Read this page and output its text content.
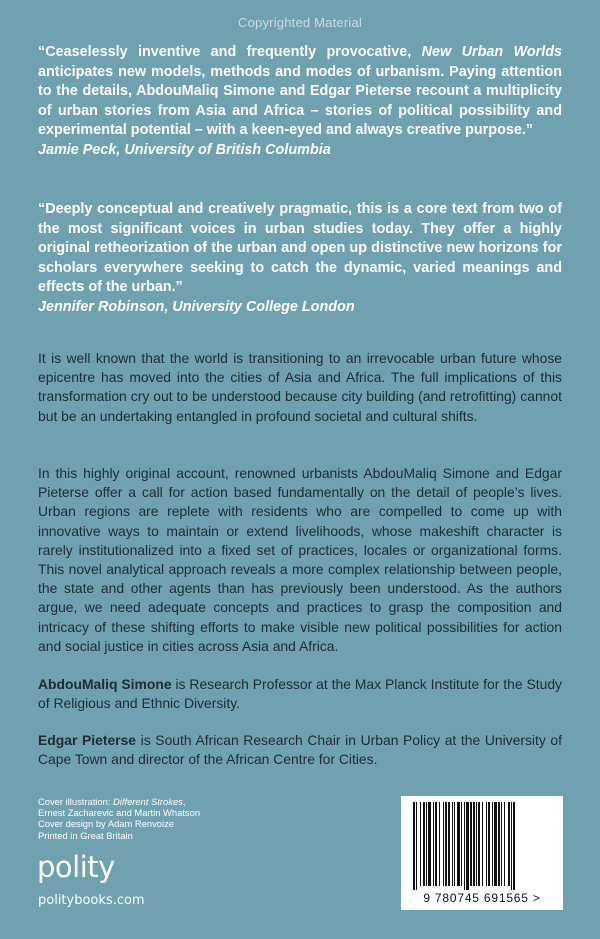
Copyrighted Material
“Ceaselessly inventive and frequently provocative, New Urban Worlds anticipates new models, methods and modes of urbanism. Paying attention to the details, AbdouMaliq Simone and Edgar Pieterse recount a multiplicity of urban stories from Asia and Africa – stories of political possibility and experimental potential – with a keen-eyed and always creative purpose.”
Jamie Peck, University of British Columbia
“Deeply conceptual and creatively pragmatic, this is a core text from two of the most significant voices in urban studies today. They offer a highly original retheorization of the urban and open up distinctive new horizons for scholars everywhere seeking to catch the dynamic, varied meanings and effects of the urban.”
Jennifer Robinson, University College London
It is well known that the world is transitioning to an irrevocable urban future whose epicentre has moved into the cities of Asia and Africa. The full implications of this transformation cry out to be understood because city building (and retrofitting) cannot but be an undertaking entangled in profound societal and cultural shifts.
In this highly original account, renowned urbanists AbdouMaliq Simone and Edgar Pieterse offer a call for action based fundamentally on the detail of people’s lives. Urban regions are replete with residents who are compelled to come up with innovative ways to maintain or extend livelihoods, whose makeshift character is rarely institutionalized into a fixed set of practices, locales or organizational forms. This novel analytical approach reveals a more complex relationship between people, the state and other agents than has previously been understood. As the authors argue, we need adequate concepts and practices to grasp the composition and intricacy of these shifting efforts to make visible new political possibilities for action and social justice in cities across Asia and Africa.
AbdouMaliq Simone is Research Professor at the Max Planck Institute for the Study of Religious and Ethnic Diversity.
Edgar Pieterse is South African Research Chair in Urban Policy at the University of Cape Town and director of the African Centre for Cities.
Cover illustration: Different Strokes,
Ernest Zacharevic and Martin Whatson
Cover design by Adam Renvoize
Printed in Great Britain
polity
politybooks.com	9 780745 691565 >
